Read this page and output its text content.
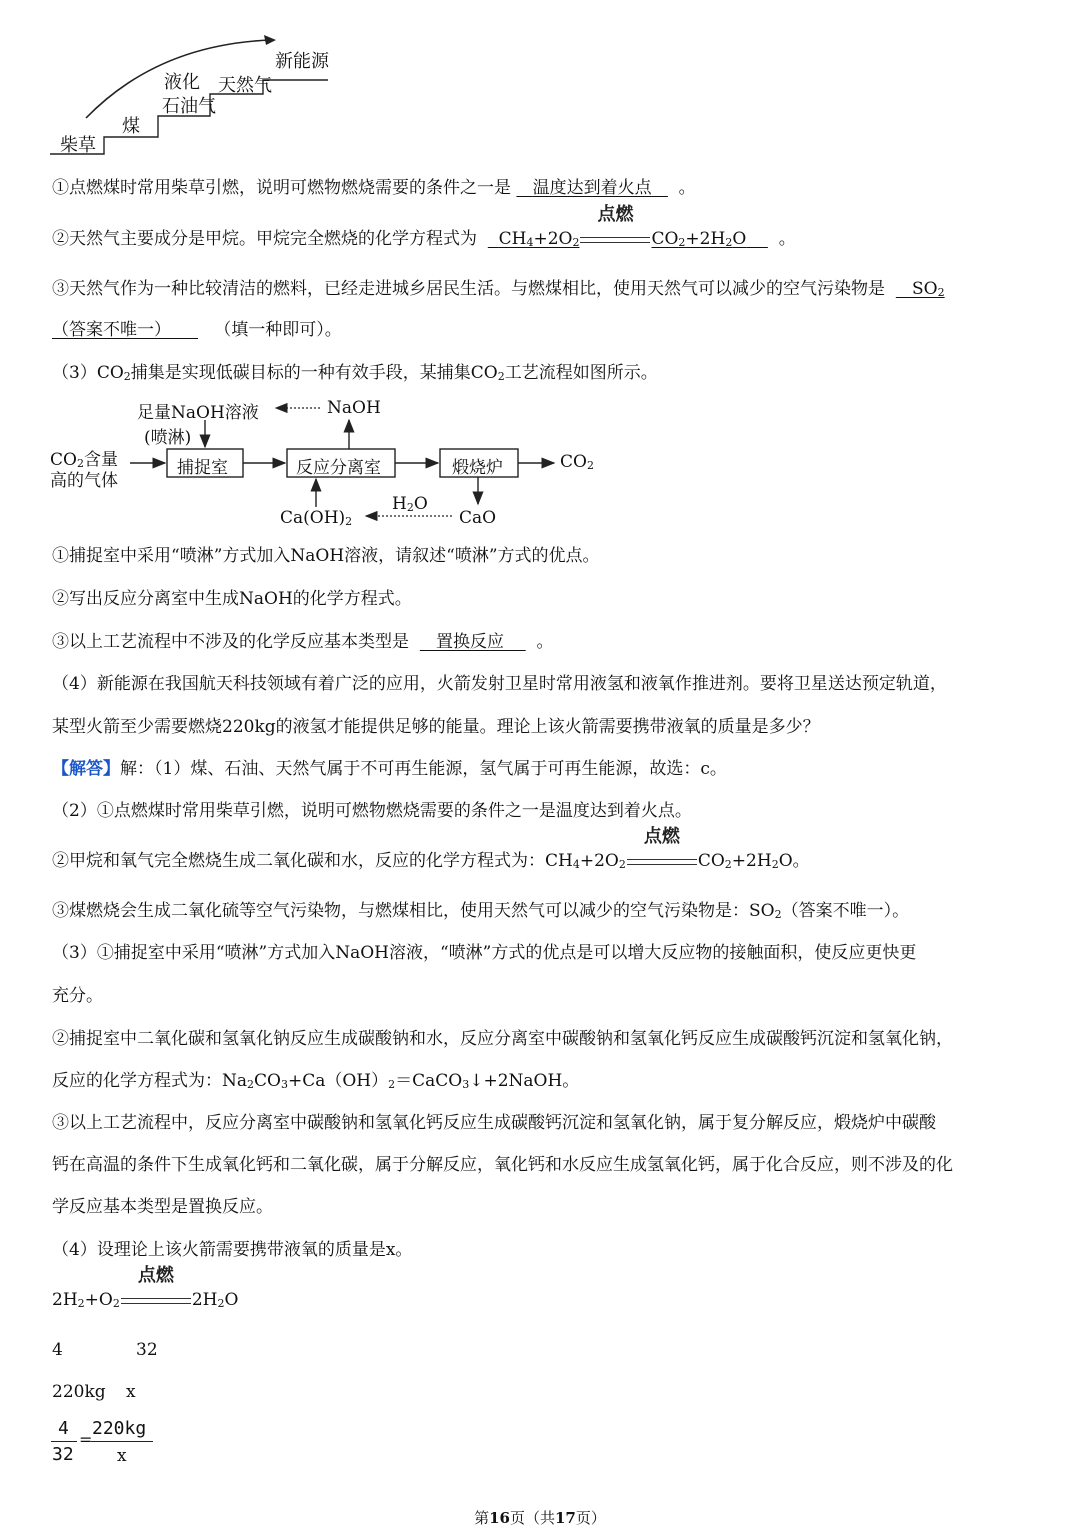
柴草
煤
液化
石油气
天然气
新能源
①点燃煤时常用柴草引燃，说明可燃物燃烧需要的条件之一是 温度达到着火点 。
②天然气主要成分是甲烷。甲烷完全燃烧的化学方程式为 $CH_4+2O_2$
点燃
$CO_2+2H_2O$ 。
③天然气作为一种比较清洁的燃料，已经走进城乡居民生活。与燃煤相比，使用天然气可以减少的空气污染物是 $SO_2$
（答案不唯一）	（填一种即可）。
$(3)CO_2$捕集是实现低碳目标的一种有效手段，某捕集$CO_2$工艺流程如图所示。
足量NaOH溶液
(喷淋)
NaOH
$CO_2$含量
高的气体
捕捉室	反应分离室	煅烧炉	$CO_2$
$H_2O$
$Ca(OH)_2$	CaO
①捕捉室中采用“喷淋”方式加入NaOH溶液，请叙述“喷淋”方式的优点。
②写出反应分离室中生成NaOH的化学方程式。
③以上工艺流程中不涉及的化学反应基本类型是 置换反应 。
（4）新能源在我国航天科技领域有着广泛的应用，火箭发射卫星时常用液氢和液氧作推进剂。要将卫星送达预定轨道，
某型火箭至少需要燃烧220kg的液氢才能提供足够的能量。理论上该火箭需要携带液氧的质量是多少？
【解答】解：（1）煤、石油、天然气属于不可再生能源，氢气属于可再生能源，故选：c。
（2）①点燃煤时常用柴草引燃，说明可燃物燃烧需要的条件之一是温度达到着火点。
②甲烷和氧气完全燃烧生成二氧化碳和水，反应的化学方程式为：$CH_4+2O_2$
点燃
$CO_2+2H_2O$。
③煤燃烧会生成二氧化硫等空气污染物，与燃煤相比，使用天然气可以减少的空气污染物是：$SO_2$（答案不唯一）。
（3）①捕捉室中采用“喷淋”方式加入NaOH溶液，“喷淋”方式的优点是可以增大反应物的接触面积，使反应更快更
充分。
②捕捉室中二氧化碳和氢氧化钠反应生成碳酸钠和水，反应分离室中碳酸钠和氢氧化钙反应生成碳酸钙沉淀和氢氧化钠，
反应的化学方程式为：$Na_2CO_3+Ca(OH)_2=CaCO_3↓+2NaOH$。
③以上工艺流程中，反应分离室中碳酸钠和氢氧化钙反应生成碳酸钙沉淀和氢氧化钠，属于复分解反应，煅烧炉中碳酸
钙在高温的条件下生成氧化钙和二氧化碳，属于分解反应，氧化钙和水反应生成氢氧化钙，属于化合反应，则不涉及的化
学反应基本类型是置换反应。
（4）设理论上该火箭需要携带液氧的质量是x。
$2H_2+O_2$
点燃
$2H_2O$
4	32
220kg x
4
32
=
220kg
x
第16页（共17页）
